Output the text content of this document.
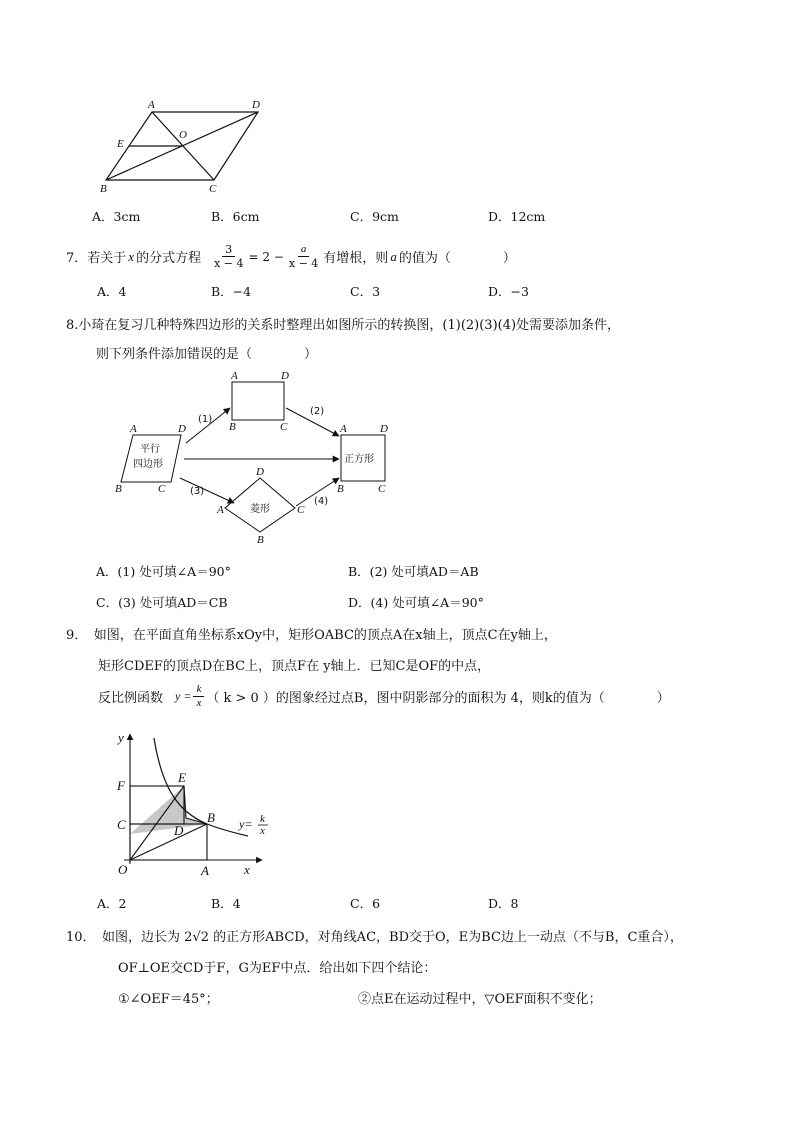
A	D
E
O
B	C
A．3cm	B．6cm	C．9cm	D．12cm
7．若关于 x 的分式方程 $\frac{3}{x - 4} = 2 - \frac{a}{x - 4}$ 有增根，则 a 的值为（　　　　）
A．4	B．−4	C．3	D．−3
8.小琦在复习几种特殊四边形的关系时整理出如图所示的转换图，(1)(2)(3)(4)处需要添加条件，
则下列条件添加错误的是（　　　　）
平行
四边形	正方形
菱形
(1)
(2)
(3)
(4)
A	D
B	C
A	D
B	C	A	D
B	C
D
A	C
B
A．(1) 处可填∠A＝90°	B．(2) 处可填AD＝AB
C．(3) 处可填AD＝CB	D．(4) 处可填∠A＝90°
9．　如图，在平面直角坐标系xOy中，矩形OABC的顶点A在x轴上，顶点C在y轴上，
矩形CDEF的顶点D在BC上，顶点F在 y轴上．已知C是OF的中点，
反比例函数 $y = \frac{k}{x}$ （ k > 0 ）的图象经过点B，图中阴影部分的面积为 4，则k的值为（　　　　）
y
x
F
E
C	D
B
O	A
y= k
x
A．2	B．4	C．6	D．8
10．　如图，边长为 2√2 的正方形ABCD，对角线AC，BD交于O，E为BC边上一动点（不与B，C重合），
OF⊥OE交CD于F，G为EF中点．给出如下四个结论：
①∠OEF＝45°；	②点E在运动过程中，▽OEF面积不变化；
